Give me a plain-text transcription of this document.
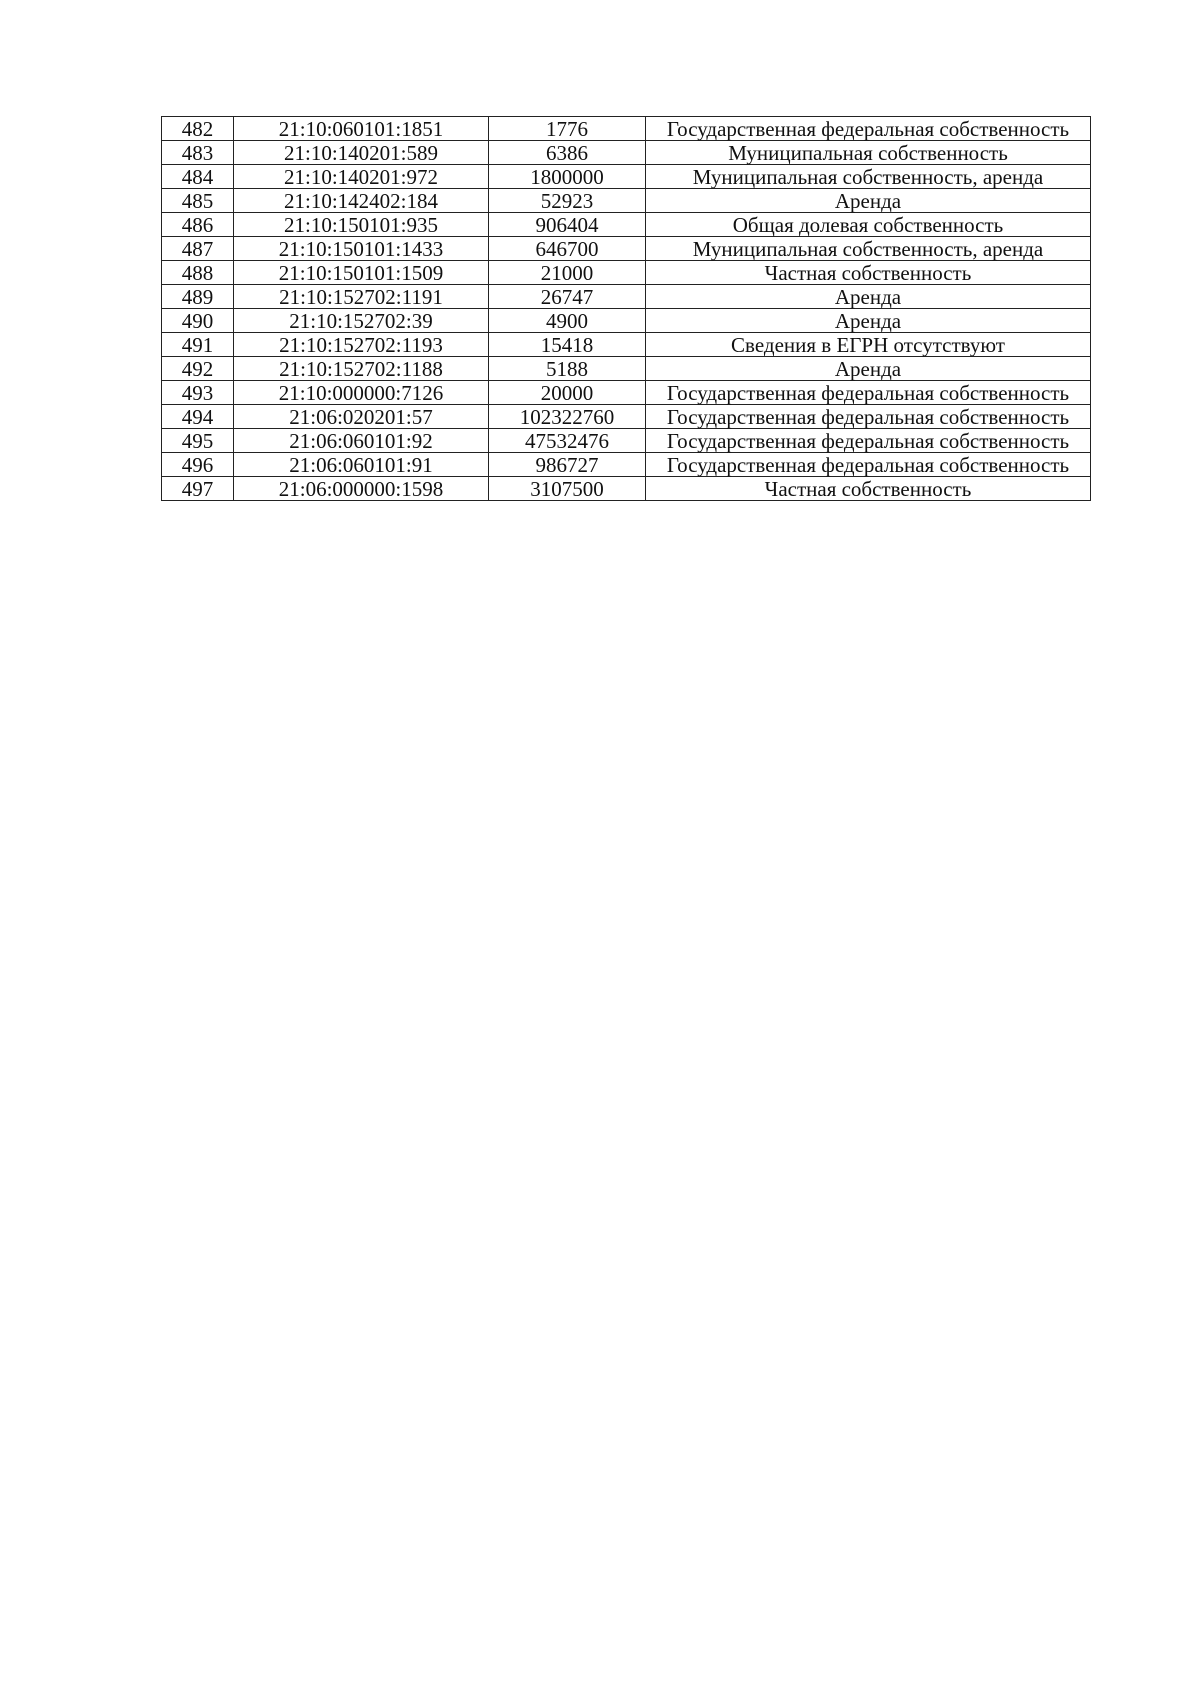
482	21:10:060101:1851	1776	Государственная федеральная собственность
483	21:10:140201:589	6386	Муниципальная собственность
484	21:10:140201:972	1800000	Муниципальная собственность, аренда
485	21:10:142402:184	52923	Аренда
486	21:10:150101:935	906404	Общая долевая собственность
487	21:10:150101:1433	646700	Муниципальная собственность, аренда
488	21:10:150101:1509	21000	Частная собственность
489	21:10:152702:1191	26747	Аренда
490	21:10:152702:39	4900	Аренда
491	21:10:152702:1193	15418	Сведения в ЕГРН отсутствуют
492	21:10:152702:1188	5188	Аренда
493	21:10:000000:7126	20000	Государственная федеральная собственность
494	21:06:020201:57	102322760	Государственная федеральная собственность
495	21:06:060101:92	47532476	Государственная федеральная собственность
496	21:06:060101:91	986727	Государственная федеральная собственность
497	21:06:000000:1598	3107500	Частная собственность
